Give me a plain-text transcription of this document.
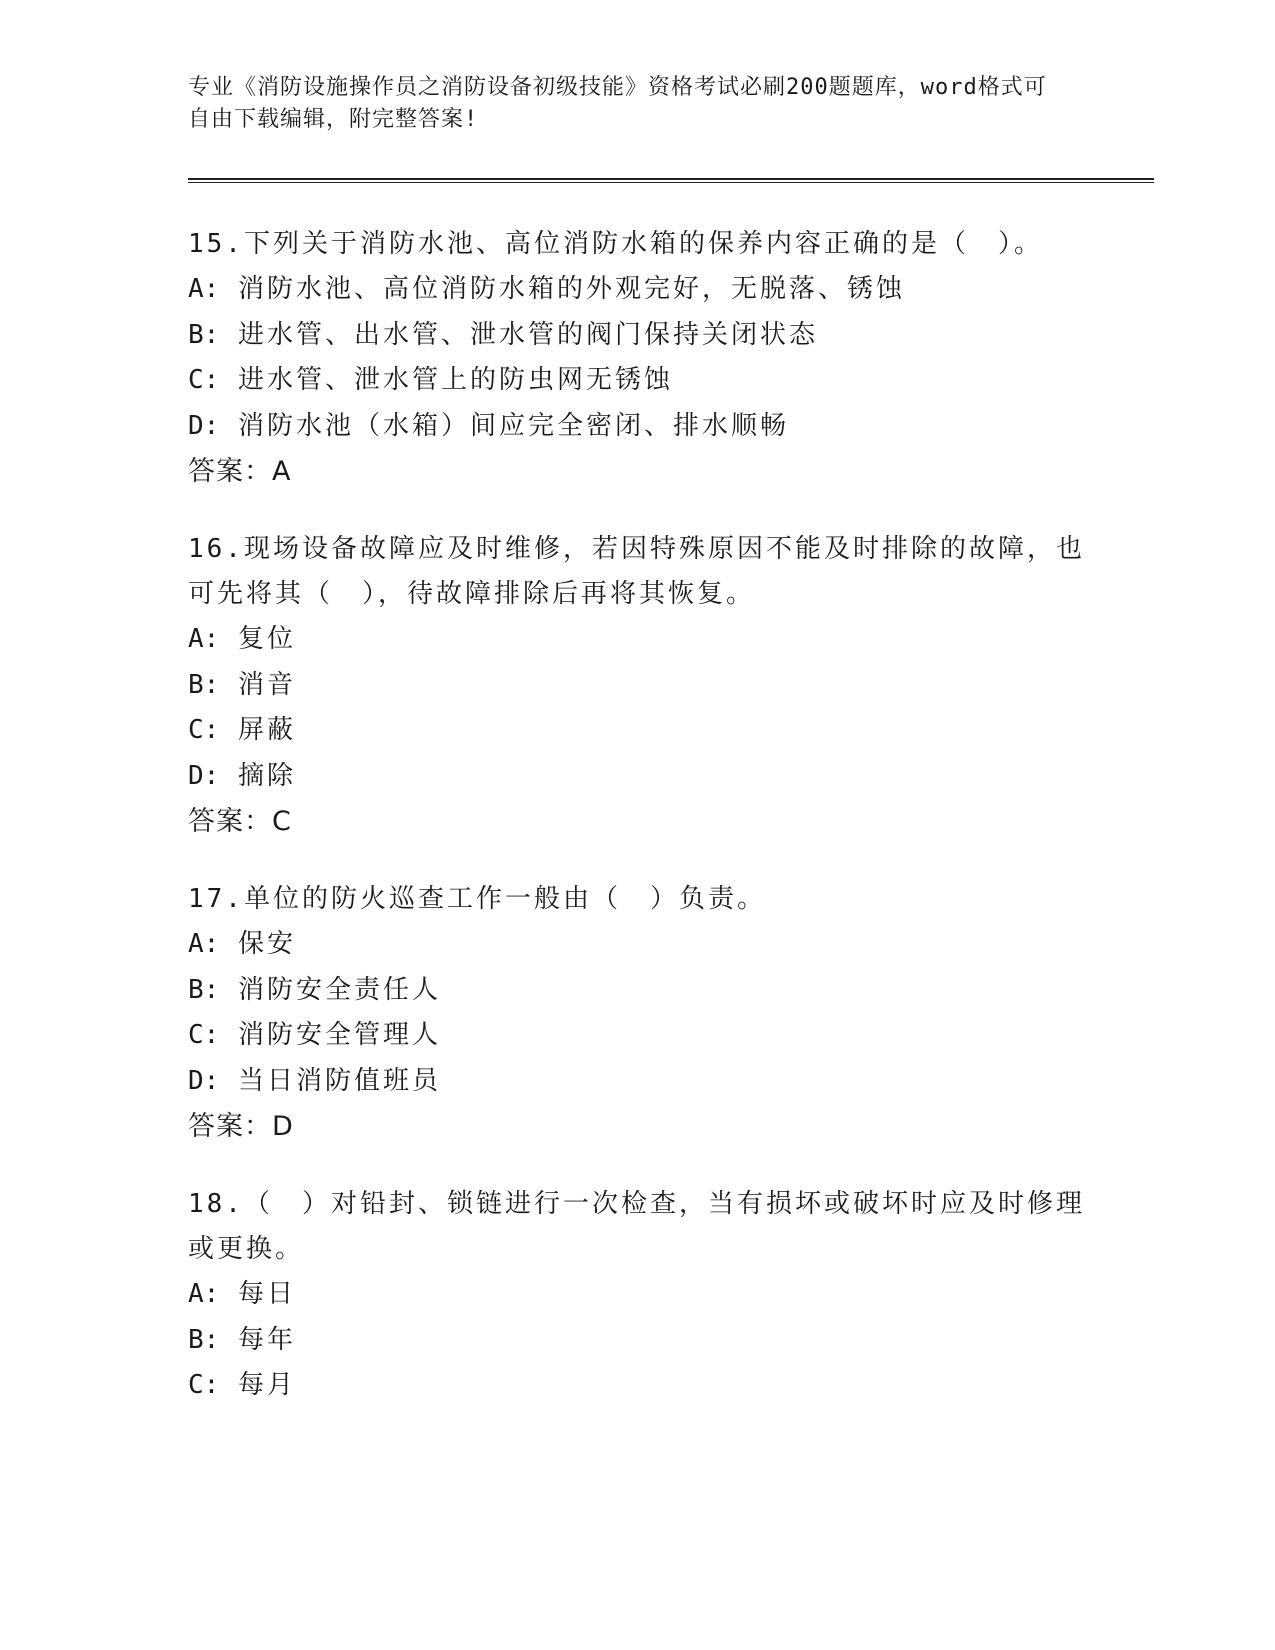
专业《消防设施操作员之消防设备初级技能》资格考试必刷200题题库，word格式可自由下载编辑，附完整答案!
15.下列关于消防水池、高位消防水箱的保养内容正确的是（　）。
A: 消防水池、高位消防水箱的外观完好，无脱落、锈蚀
B: 进水管、出水管、泄水管的阀门保持关闭状态
C: 进水管、泄水管上的防虫网无锈蚀
D: 消防水池（水箱）间应完全密闭、排水顺畅
答案：A
16.现场设备故障应及时维修，若因特殊原因不能及时排除的故障，也可先将其（　），待故障排除后再将其恢复。
A: 复位
B: 消音
C: 屏蔽
D: 摘除
答案：C
17.单位的防火巡查工作一般由（　）负责。
A: 保安
B: 消防安全责任人
C: 消防安全管理人
D: 当日消防值班员
答案：D
18.（　）对铅封、锁链进行一次检查，当有损坏或破坏时应及时修理或更换。
A: 每日
B: 每年
C: 每月
